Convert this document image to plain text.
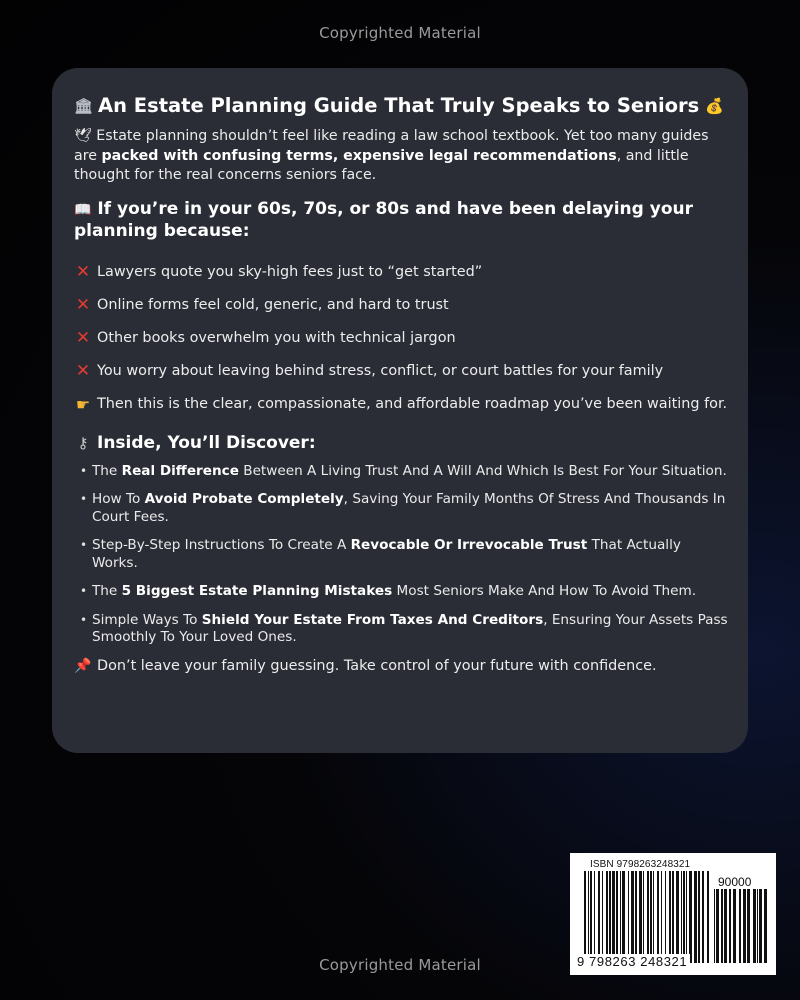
Copyrighted Material
🏛 An Estate Planning Guide That Truly Speaks to Seniors 💰
🕊 Estate planning shouldn’t feel like reading a law school textbook. Yet too many guides are packed with confusing terms, expensive legal recommendations, and little thought for the real concerns seniors face.
📖 If you’re in your 60s, 70s, or 80s and have been delaying your planning because:
✕ Lawyers quote you sky-high fees just to “get started”
✕ Online forms feel cold, generic, and hard to trust
✕ Other books overwhelm you with technical jargon
✕ You worry about leaving behind stress, conflict, or court battles for your family
☛ Then this is the clear, compassionate, and affordable roadmap you’ve been waiting for.
⚷ Inside, You’ll Discover:
• The Real Difference Between A Living Trust And A Will And Which Is Best For Your Situation.
• How To Avoid Probate Completely, Saving Your Family Months Of Stress And Thousands In Court Fees.
• Step-By-Step Instructions To Create A Revocable Or Irrevocable Trust That Actually Works.
• The 5 Biggest Estate Planning Mistakes Most Seniors Make And How To Avoid Them.
• Simple Ways To Shield Your Estate From Taxes And Creditors, Ensuring Your Assets Pass Smoothly To Your Loved Ones.
📌 Don’t leave your family guessing. Take control of your future with confidence.
ISBN 9798263248321
90000
9 798263 248321
Copyrighted Material
